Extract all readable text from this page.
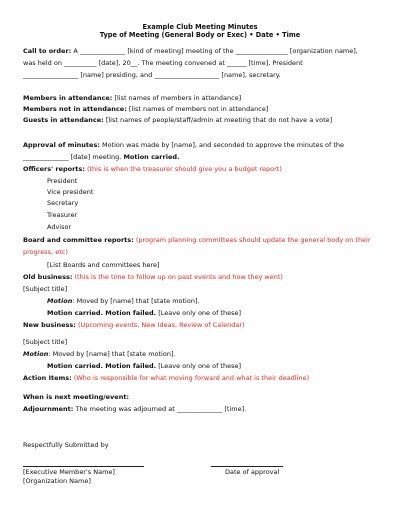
Example Club Meeting Minutes
Type of Meeting (General Body or Exec) • Date • Time
Call to order: A ______________ [kind of meeting] meeting of the ________________ [organization name],
was held on __________ [date], 20__. The meeting convened at ______ [time], President
_________________ [name] presiding, and ____________________ [name], secretary.
Members in attendance: [list names of members in attendance]
Members not in attendance: [list names of members not in attendance]
Guests in attendance: [list names of people/staff/admin at meeting that do not have a vote]
Approval of minutes: Motion was made by [name], and seconded to approve the minutes of the
______________ [date] meeting. Motion carried.
Officers' reports: (this is when the treasurer should give you a budget report)
President
Vice president
Secretary
Treasurer
Advisor
Board and committee reports: (program planning committees should update the general body on their
progress, etc)
[List Boards and committees here]
Old business: (this is the time to follow up on past events and how they went)
[Subject title]
Motion: Moved by [name] that [state motion].
Motion carried. Motion failed. [Leave only one of these]
New business: (Upcoming events, New Ideas, Review of Calendar)
[Subject title]
Motion: Moved by [name] that [state motion].
Motion carried. Motion failed. [Leave only one of these]
Action Items: (Who is responsible for what moving forward and what is their deadline)
When is next meeting/event:
Adjournment: The meeting was adjourned at ______________ [time].
Respectfully Submitted by
[Executive Member's Name]	Date of approval
[Organization Name]
